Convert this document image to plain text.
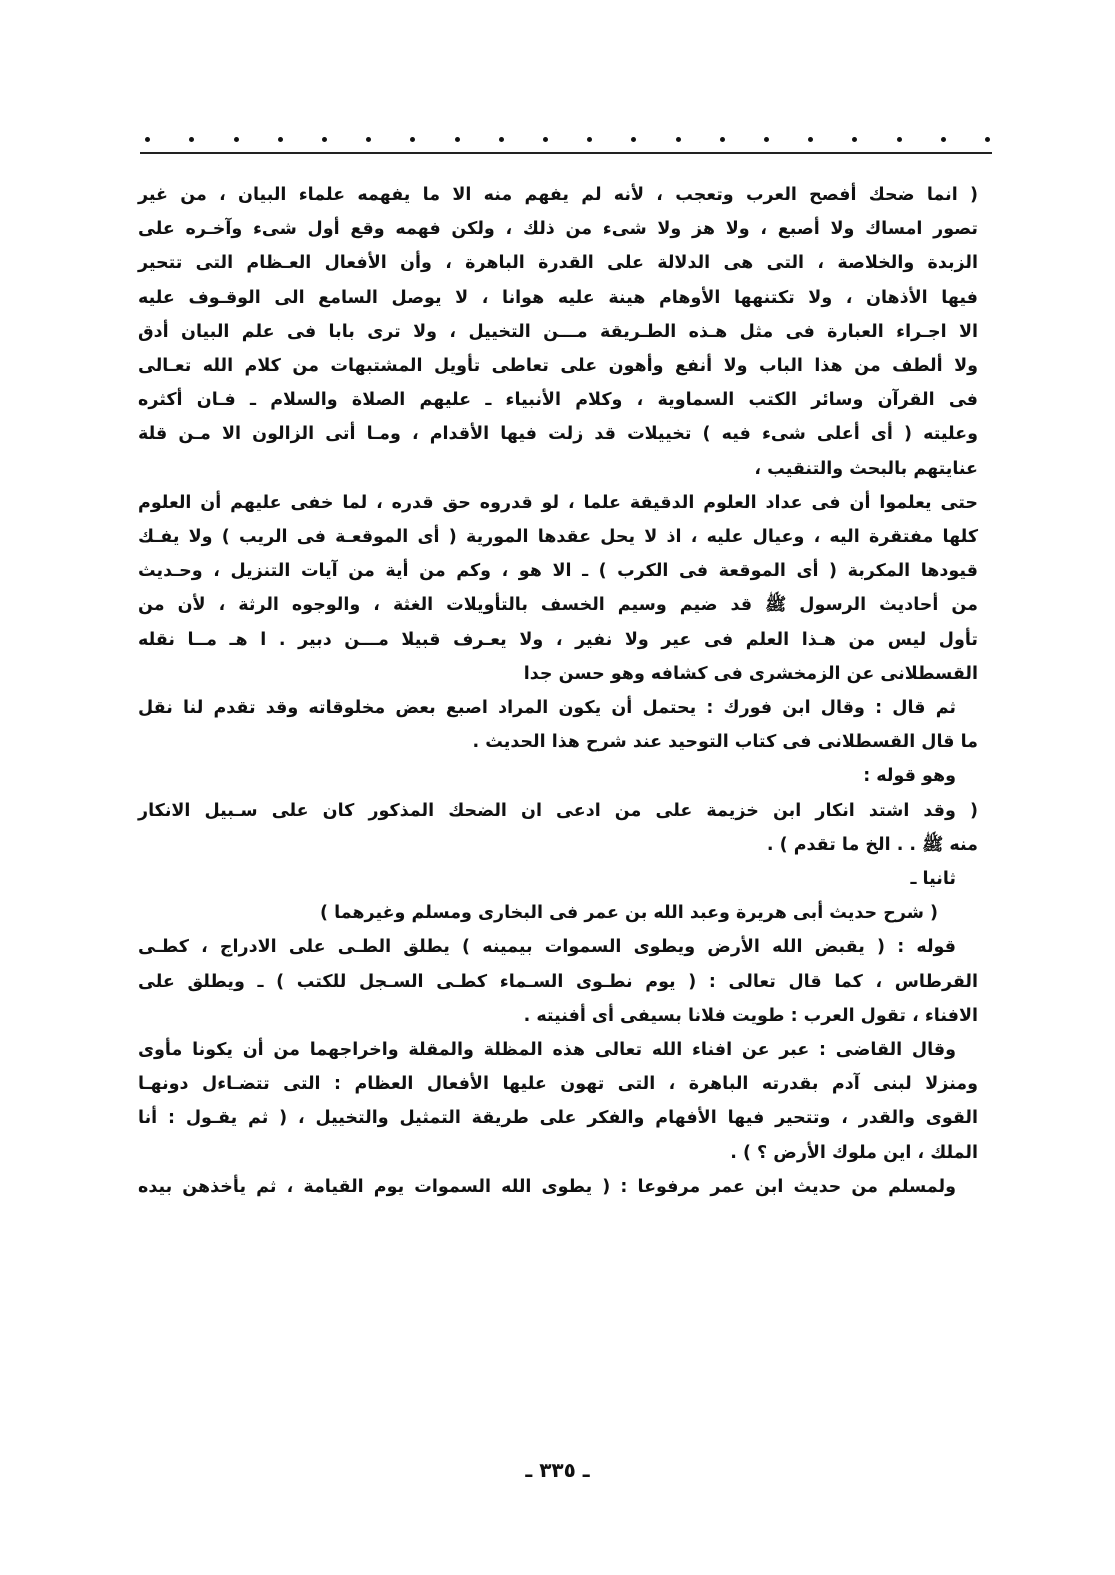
( انما ضحك أفصح العرب وتعجب ، لأنه لم يفهم منه الا ما يفهمه علماء البيان ، من غير
تصور امساك ولا أصبع ، ولا هز ولا شىء من ذلك ، ولكن فهمه وقع أول شىء وآخـره على
الزبدة والخلاصة ، التى هى الدلالة على القدرة الباهرة ، وأن الأفعال العـظام التى تتحير
فيها الأذهان ، ولا تكتنهها الأوهام هينة عليه هوانا ، لا يوصل السامع الى الوقـوف عليه
الا اجـراء العبارة فى مثل هـذه الطـريقة مـــن التخييل ، ولا ترى بابا فى علم البيان أدق
ولا ألطف من هذا الباب ولا أنفع وأهون على تعاطى تأويل المشتبهات من كلام الله تعـالى
فى القرآن وسائر الكتب السماوية ، وكلام الأنبياء ـ عليهم الصلاة والسلام ـ فـان أكثره
وعليته ( أى أعلى شىء فيه ) تخييلات قد زلت فيها الأقدام ، ومـا أتى الزالون الا مـن قلة
عنايتهم بالبحث والتنقيب ،
حتى يعلموا أن فى عداد العلوم الدقيقة علما ، لو قدروه حق قدره ، لما خفى عليهم أن العلوم
كلها مفتقرة اليه ، وعيال عليه ، اذ لا يحل عقدها المورية ( أى الموقعـة فى الريب ) ولا يفـك
قيودها المكربة ( أى الموقعة فى الكرب ) ـ الا هو ، وكم من أية من آيات التنزيل ، وحـديث
من أحاديث الرسول ﷺ قد ضيم وسيم الخسف بالتأويلات الغثة ، والوجوه الرثة ، لأن من
تأول ليس من هـذا العلم فى عير ولا نفير ، ولا يعـرف قبيلا مـــن دبير . ا هـ مــا نقله
القسطلانى عن الزمخشرى فى كشافه وهو حسن جدا
ثم قال : وقال ابن فورك : يحتمل أن يكون المراد اصبع بعض مخلوقاته وقد تقدم لنا نقل
ما قال القسطلانى فى كتاب التوحيد عند شرح هذا الحديث .
وهو قوله :
( وقد اشتد انكار ابن خزيمة على من ادعى ان الضحك المذكور كان على سـبيل الانكار
منه ﷺ . . الخ ما تقدم ) .
ثانيا ـ
( شرح حديث أبى هريرة وعبد الله بن عمر فى البخارى ومسلم وغيرهما )
قوله : ( يقبض الله الأرض ويطوى السموات بيمينه ) يطلق الطـى على الادراج ، كطـى
القرطاس ، كما قال تعالى : ( يوم نطـوى السـماء كطـى السـجل للكتب ) ـ ويطلق على
الافناء ، تقول العرب : طويت فلانا بسيفى أى أفنيته .
وقال القاضى : عبر عن افناء الله تعالى هذه المظلة والمقلة واخراجهما من أن يكونا مأوى
ومنزلا لبنى آدم بقدرته الباهرة ، التى تهون عليها الأفعال العظام : التى تتضـاءل دونهـا
القوى والقدر ، وتتحير فيها الأفهام والفكر على طريقة التمثيل والتخييل ، ( ثم يقـول : أنا
الملك ، اين ملوك الأرض ؟ ) .
ولمسلم من حديث ابن عمر مرفوعا : ( يطوى الله السموات يوم القيامة ، ثم يأخذهن بيده
ـ ٣٣٥ ـ
